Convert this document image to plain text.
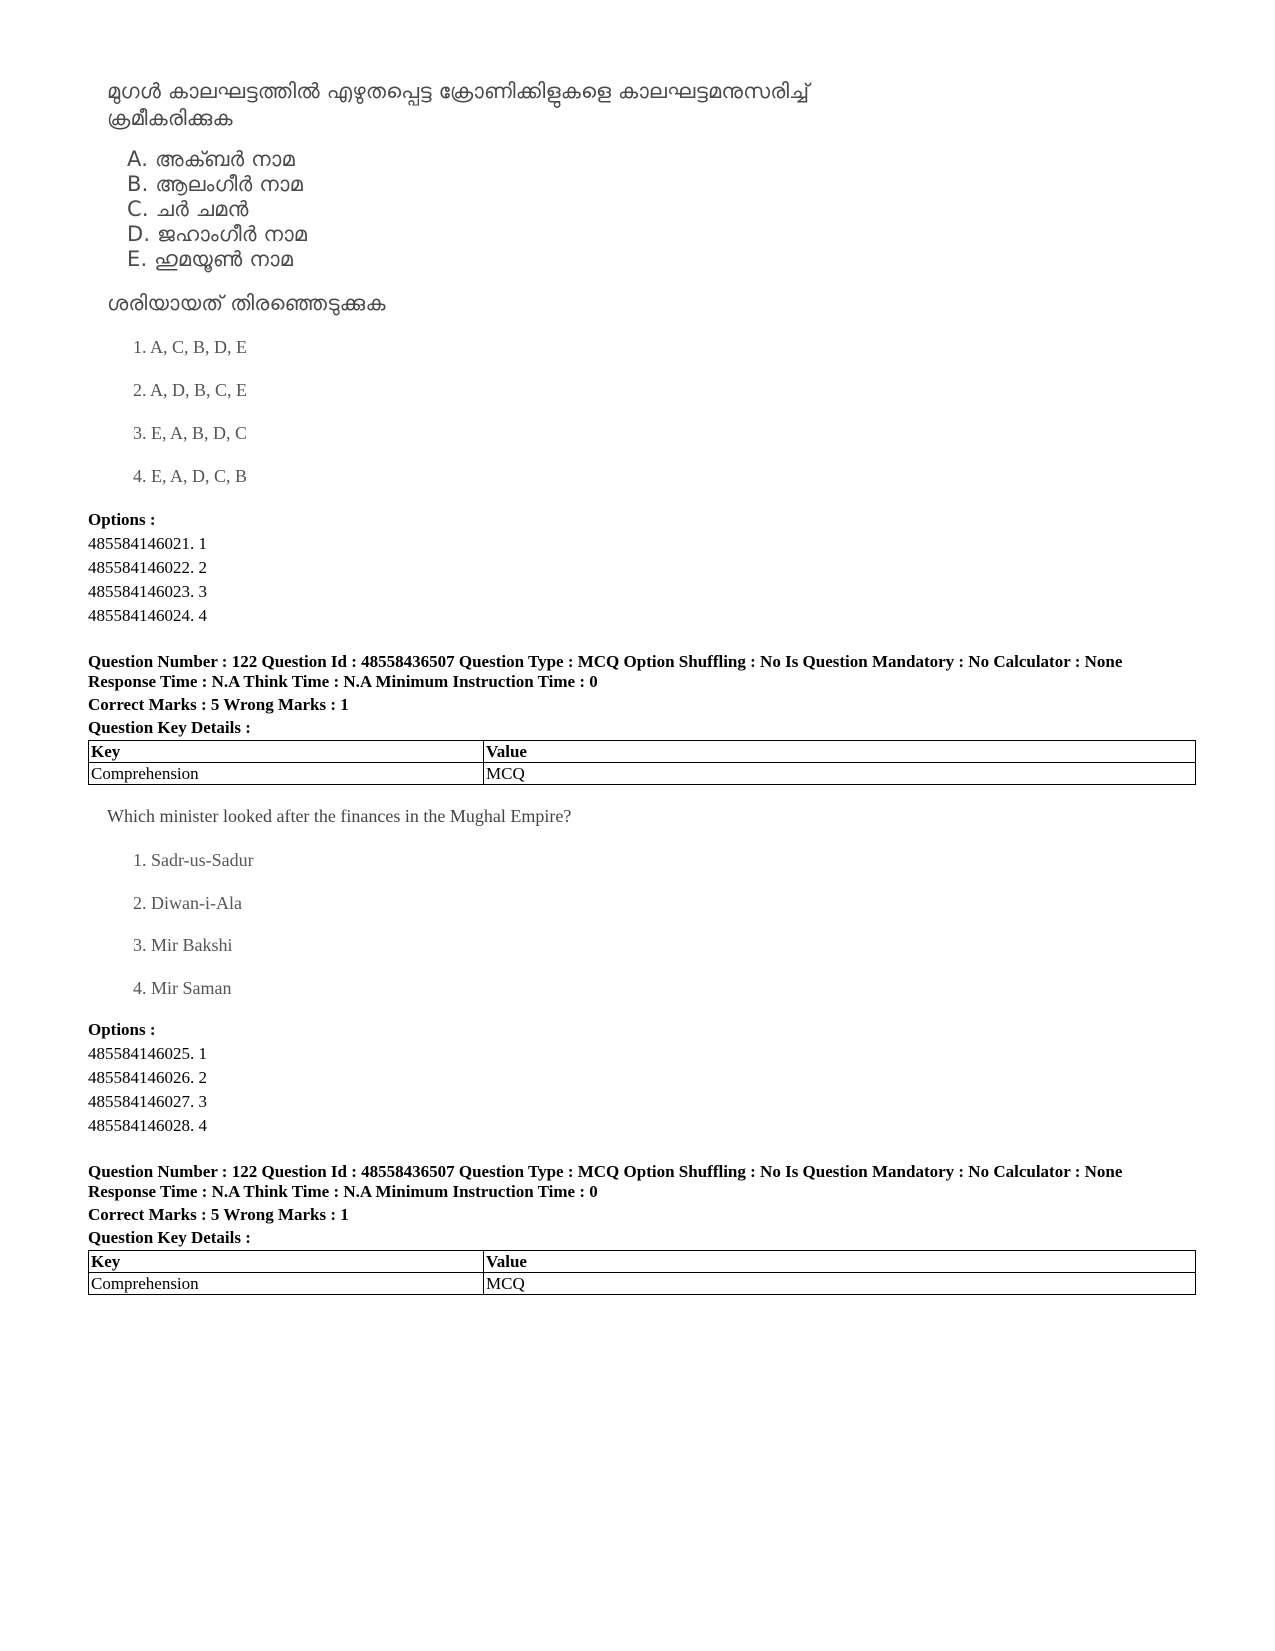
മുഗൾ കാലഘട്ടത്തിൽ എഴുതപ്പെട്ട ക്രോണിക്കിളുകളെ കാലഘട്ടമനുസരിച്ച്
ക്രമീകരിക്കുക
A. അക്ബർ നാമ
B. ആലംഗീർ നാമ
C. ചർ ചമൻ
D. ജഹാംഗീർ നാമ
E. ഹുമയൂൺ നാമ
ശരിയായത് തിരഞ്ഞെടുക്കുക
1. A, C, B, D, E
2. A, D, B, C, E
3. E, A, B, D, C
4. E, A, D, C, B
Options :
485584146021. 1
485584146022. 2
485584146023. 3
485584146024. 4
Question Number : 122 Question Id : 48558436507 Question Type : MCQ Option Shuffling : No Is Question Mandatory : No Calculator : None
Response Time : N.A Think Time : N.A Minimum Instruction Time : 0
Correct Marks : 5 Wrong Marks : 1
Question Key Details :
Key	Value
Comprehension	MCQ
Which minister looked after the finances in the Mughal Empire?
1. Sadr-us-Sadur
2. Diwan-i-Ala
3. Mir Bakshi
4. Mir Saman
Options :
485584146025. 1
485584146026. 2
485584146027. 3
485584146028. 4
Question Number : 122 Question Id : 48558436507 Question Type : MCQ Option Shuffling : No Is Question Mandatory : No Calculator : None
Response Time : N.A Think Time : N.A Minimum Instruction Time : 0
Correct Marks : 5 Wrong Marks : 1
Question Key Details :
Key	Value
Comprehension	MCQ
